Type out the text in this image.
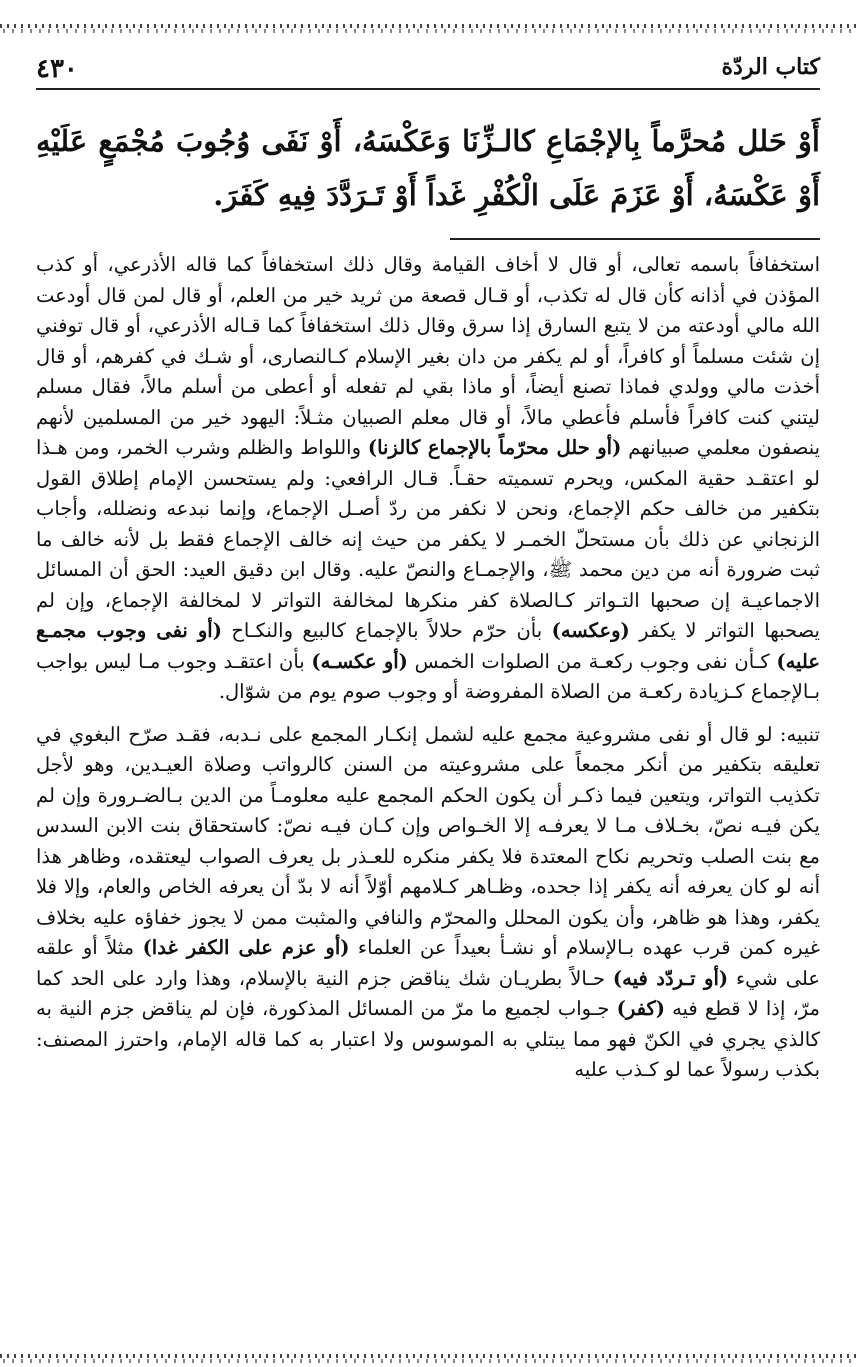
كتاب الردّة
٤٣٠

أَوْ حَلل مُحرَّماً بِالإجْمَاعِ كالـزِّنَا وَعَكْسَهُ، أَوْ نَفَى وُجُوبَ مُجْمَعٍ عَلَيْهِ أَوْ عَكْسَهُ، أَوْ عَزَمَ عَلَى الْكُفْرِ غَداً أَوْ تَـرَدَّدَ فِيهِ كَفَرَ.

استخفافاً باسمه تعالى، أو قال لا أخاف القيامة وقال ذلك استخفافاً كما قاله الأذرعي، أو كذب المؤذن في أذانه كأن قال له تكذب، أو قـال قصعة من ثريد خير من العلم، أو قال لمن قال أودعت الله مالي أودعته من لا يتبع السارق إذا سرق وقال ذلك استخفافاً كما قـاله الأذرعي، أو قال توفني إن شئت مسلماً أو كافراً، أو لم يكفر من دان بغير الإسلام كـالنصارى، أو شـك في كفرهم، أو قال أخذت مالي وولدي فماذا تصنع أيضاً، أو ماذا بقي لم تفعله أو أعطى من أسلم مالاً، فقال مسلم ليتني كنت كافراً فأسلم فأعطي مالاً، أو قال معلم الصبيان مثـلاً: اليهود خير من المسلمين لأنهم ينصفون معلمي صبيانهم (أو حلل محرّماً بالإجماع كالزنا) واللواط والظلم وشرب الخمر، ومن هـذا لو اعتقـد حقية المكس، ويحرم تسميته حقـاً. قـال الرافعي: ولم يستحسن الإمام إطلاق القول بتكفير من خالف حكم الإجماع، ونحن لا نكفر من ردّ أصـل الإجماع، وإنما نبدعه ونضلله، وأجاب الزنجاني عن ذلك بأن مستحلّ الخمـر لا يكفر من حيث إنه خالف الإجماع فقط بل لأنه خالف ما ثبت ضرورة أنه من دين محمد ﷺ، والإجمـاع والنصّ عليه. وقال ابن دقيق العيد: الحق أن المسائل الاجماعيـة إن صحبها التـواتر كـالصلاة كفر منكرها لمخالفة التواتر لا لمخالفة الإجماع، وإن لم يصحبها التواتر لا يكفر (وعكسه) بأن حرّم حلالاً بالإجماع كالبيع والنكـاح (أو نفى وجوب مجمـع عليه) كـأن نفى وجوب ركعـة من الصلوات الخمس (أو عكسـه) بأن اعتقـد وجوب مـا ليس بواجب بـالإجماع كـزيادة ركعـة من الصلاة المفروضة أو وجوب صوم يوم من شوّال.

تنبيه: لو قال أو نفى مشروعية مجمع عليه لشمل إنكـار المجمع على نـدبه، فقـد صرّح البغوي في تعليقه بتكفير من أنكر مجمعاً على مشروعيته من السنن كالرواتب وصلاة العيـدين، وهو لأجل تكذيب التواتر، ويتعين فيما ذكـر أن يكون الحكم المجمع عليه معلومـاً من الدين بـالضـرورة وإن لم يكن فيـه نصّ، بخـلاف مـا لا يعرفـه إلا الخـواص وإن كـان فيـه نصّ: كاستحقاق بنت الابن السدس مع بنت الصلب وتحريم نكاح المعتدة فلا يكفر منكره للعـذر بل يعرف الصواب ليعتقده، وظاهر هذا أنه لو كان يعرفه أنه يكفر إذا جحده، وظـاهر كـلامهم أوّلاً أنه لا بدّ أن يعرفه الخاص والعام، وإلا فلا يكفر، وهذا هو ظاهر، وأن يكون المحلل والمحرّم والنافي والمثبت ممن لا يجوز خفاؤه عليه بخلاف غيره كمن قرب عهده بـالإسلام أو نشـأ بعيداً عن العلماء (أو عزم على الكفر غدا) مثلاً أو علقه على شيء (أو تـردّد فيه) حـالاً بطريـان شك يناقض جزم النية بالإسلام، وهذا وارد على الحد كما مرّ، إذا لا قطع فيه (كفر) جـواب لجميع ما مرّ من المسائل المذكورة، فإن لم يناقض جزم النية به كالذي يجري في الكنّ فهو مما يبتلي به الموسوس ولا اعتبار به كما قاله الإمام، واحترز المصنف: بكذب رسولاً عما لو كـذب عليه
